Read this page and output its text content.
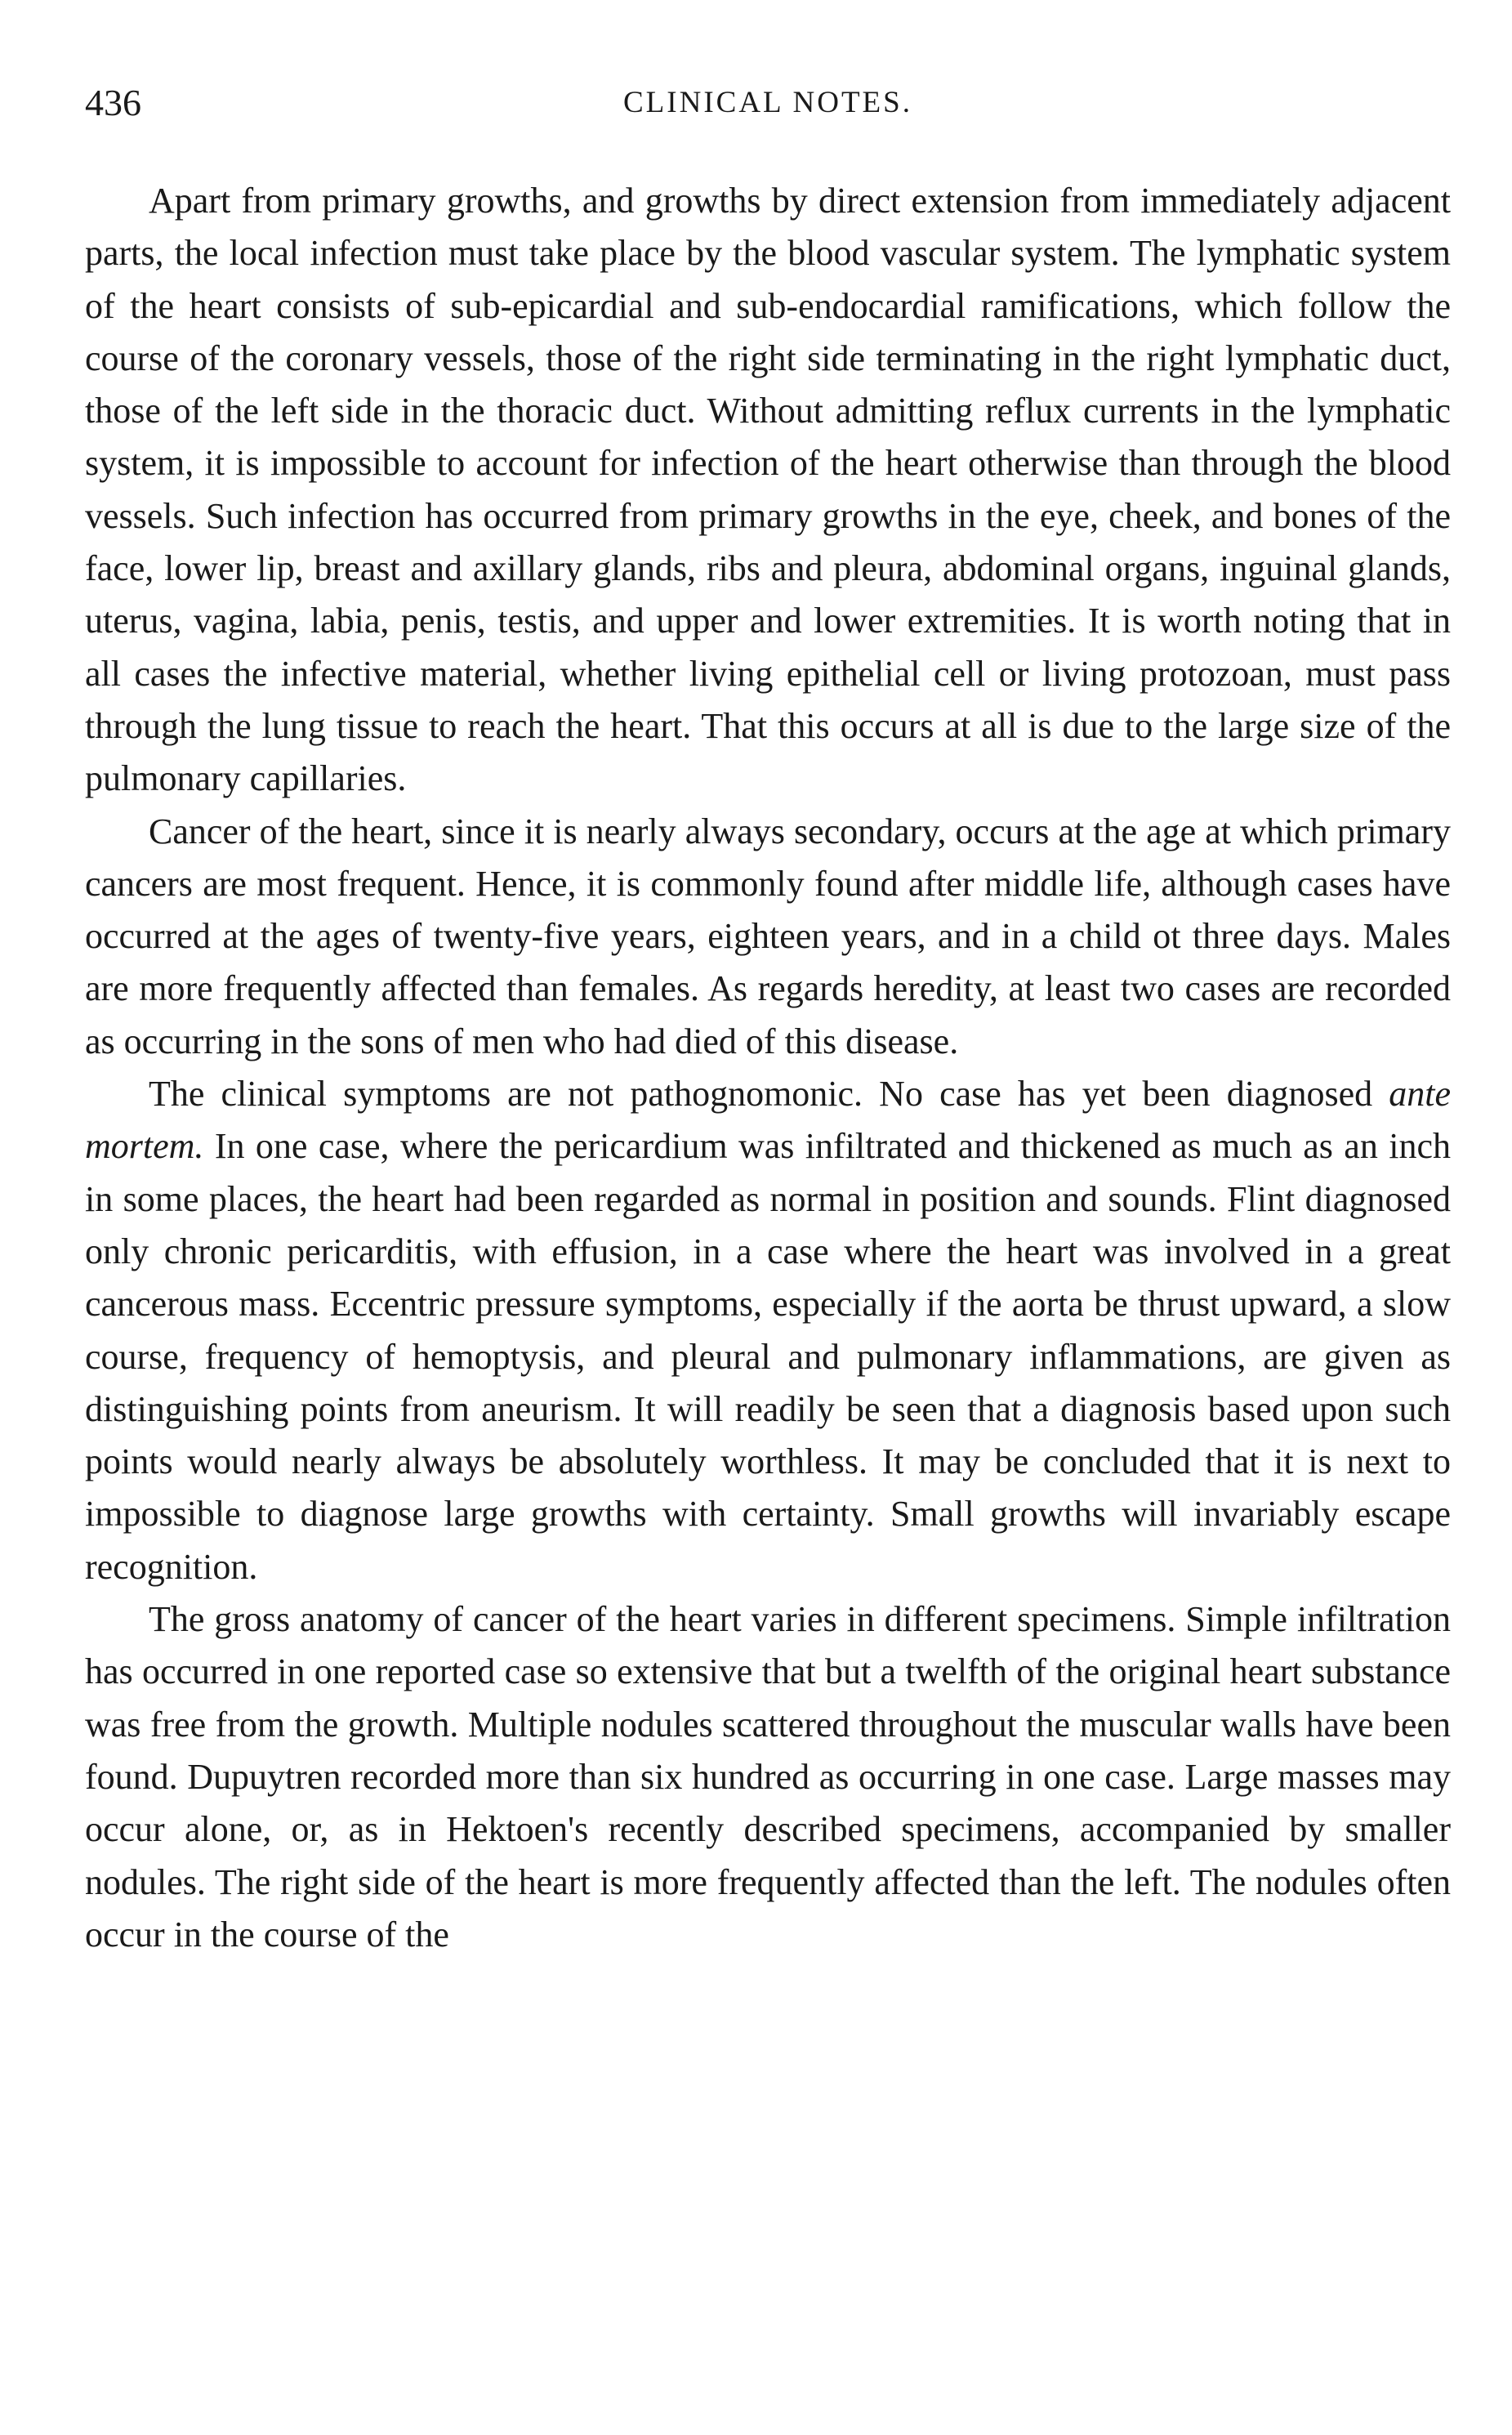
436	CLINICAL NOTES.

Apart from primary growths, and growths by direct extension from immediately adjacent parts, the local infection must take place by the blood vascular system. The lymphatic system of the heart consists of sub-epicardial and sub-endocardial ramifications, which follow the course of the coronary vessels, those of the right side terminating in the right lymphatic duct, those of the left side in the thoracic duct. Without admitting reflux currents in the lymphatic system, it is impossible to account for infection of the heart otherwise than through the blood vessels. Such infection has occurred from primary growths in the eye, cheek, and bones of the face, lower lip, breast and axillary glands, ribs and pleura, abdominal organs, inguinal glands, uterus, vagina, labia, penis, testis, and upper and lower extremities. It is worth noting that in all cases the infective material, whether living epithelial cell or living protozoan, must pass through the lung tissue to reach the heart. That this occurs at all is due to the large size of the pulmonary capillaries.

Cancer of the heart, since it is nearly always secondary, occurs at the age at which primary cancers are most frequent. Hence, it is commonly found after middle life, although cases have occurred at the ages of twenty-five years, eighteen years, and in a child ot three days. Males are more frequently affected than females. As regards heredity, at least two cases are recorded as occurring in the sons of men who had died of this disease.

The clinical symptoms are not pathognomonic. No case has yet been diagnosed ante mortem. In one case, where the pericardium was infiltrated and thickened as much as an inch in some places, the heart had been regarded as normal in position and sounds. Flint diagnosed only chronic pericarditis, with effusion, in a case where the heart was involved in a great cancerous mass. Eccentric pressure symptoms, especially if the aorta be thrust upward, a slow course, frequency of hemoptysis, and pleural and pulmonary inflammations, are given as distinguishing points from aneurism. It will readily be seen that a diagnosis based upon such points would nearly always be absolutely worthless. It may be concluded that it is next to impossible to diagnose large growths with certainty. Small growths will invariably escape recognition.

The gross anatomy of cancer of the heart varies in different specimens. Simple infiltration has occurred in one reported case so extensive that but a twelfth of the original heart substance was free from the growth. Multiple nodules scattered throughout the muscular walls have been found. Dupuytren recorded more than six hundred as occurring in one case. Large masses may occur alone, or, as in Hektoen's recently described specimens, accompanied by smaller nodules. The right side of the heart is more frequently affected than the left. The nodules often occur in the course of the
